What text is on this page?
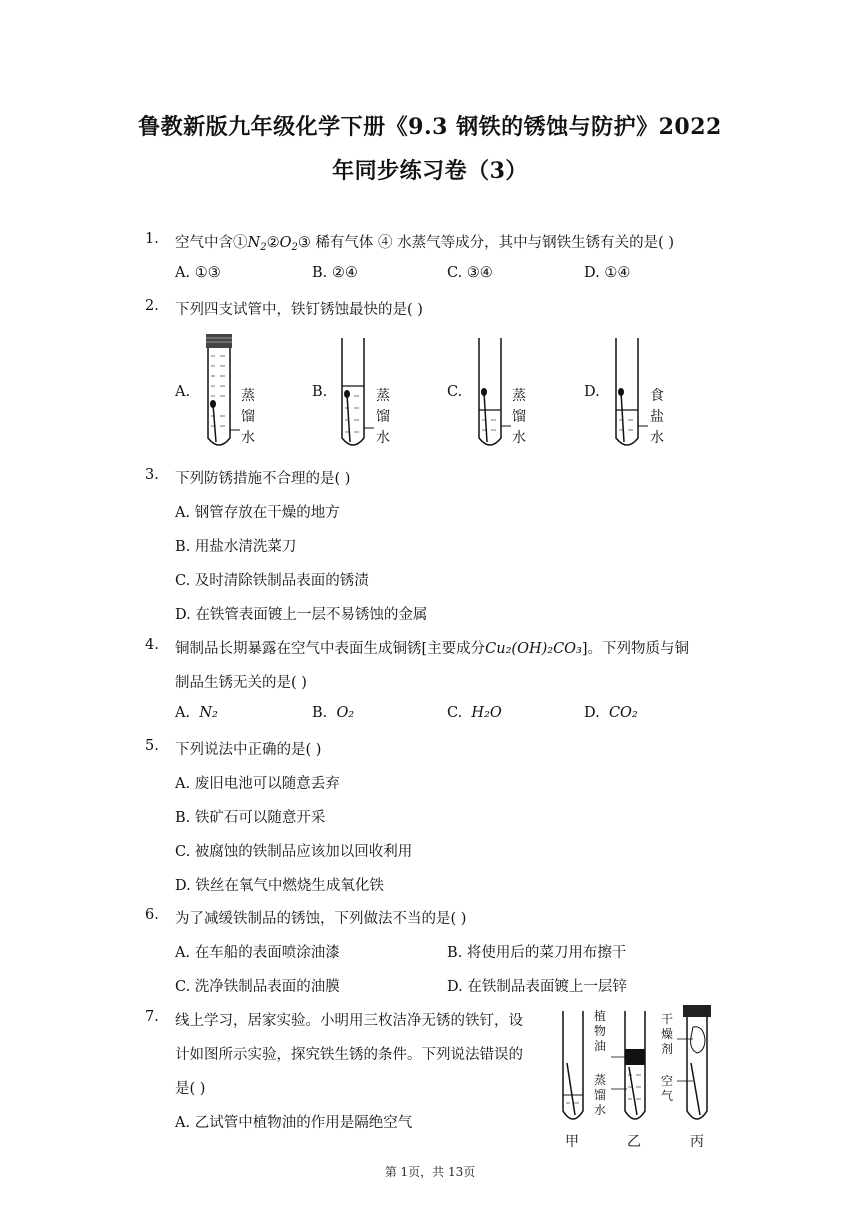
鲁教新版九年级化学下册《9.3 钢铁的锈蚀与防护》2022
年同步练习卷（3）
1. 空气中含$①N_2②O_2③$ 稀有气体 ④ 水蒸气等成分，其中与钢铁生锈有关的是( )
A. ①③	B. ②④	C. ③④	D. ①④
2. 下列四支试管中，铁钉锈蚀最快的是( )
A.	B.	C.	D.
蒸
馏
水
蒸
馏
水
蒸
馏
水
食
盐
水
3. 下列防锈措施不合理的是( )
A. 钢管存放在干燥的地方
B. 用盐水清洗菜刀
C. 及时清除铁制品表面的锈渍
D. 在铁管表面镀上一层不易锈蚀的金属
4. 铜制品长期暴露在空气中表面生成铜锈[主要成分Cu₂(OH)₂CO₃]。下列物质与铜
制品生锈无关的是( )
A. N₂	B. O₂	C. H₂O	D. CO₂
5. 下列说法中正确的是( )
A. 废旧电池可以随意丢弃
B. 铁矿石可以随意开采
C. 被腐蚀的铁制品应该加以回收利用
D. 铁丝在氧气中燃烧生成氧化铁
6. 为了减缓铁制品的锈蚀，下列做法不当的是( )
A. 在车船的表面喷涂油漆	B. 将使用后的菜刀用布擦干
C. 洗净铁制品表面的油膜	D. 在铁制品表面镀上一层锌
7. 线上学习，居家实验。小明用三枚洁净无锈的铁钉，设
计如图所示实验，探究铁生锈的条件。下列说法错误的
是( )
A. 乙试管中植物油的作用是隔绝空气
植
物
油
蒸
馏
水
干
燥
剂
空
气
甲	乙	丙
第 1页，共 13页
